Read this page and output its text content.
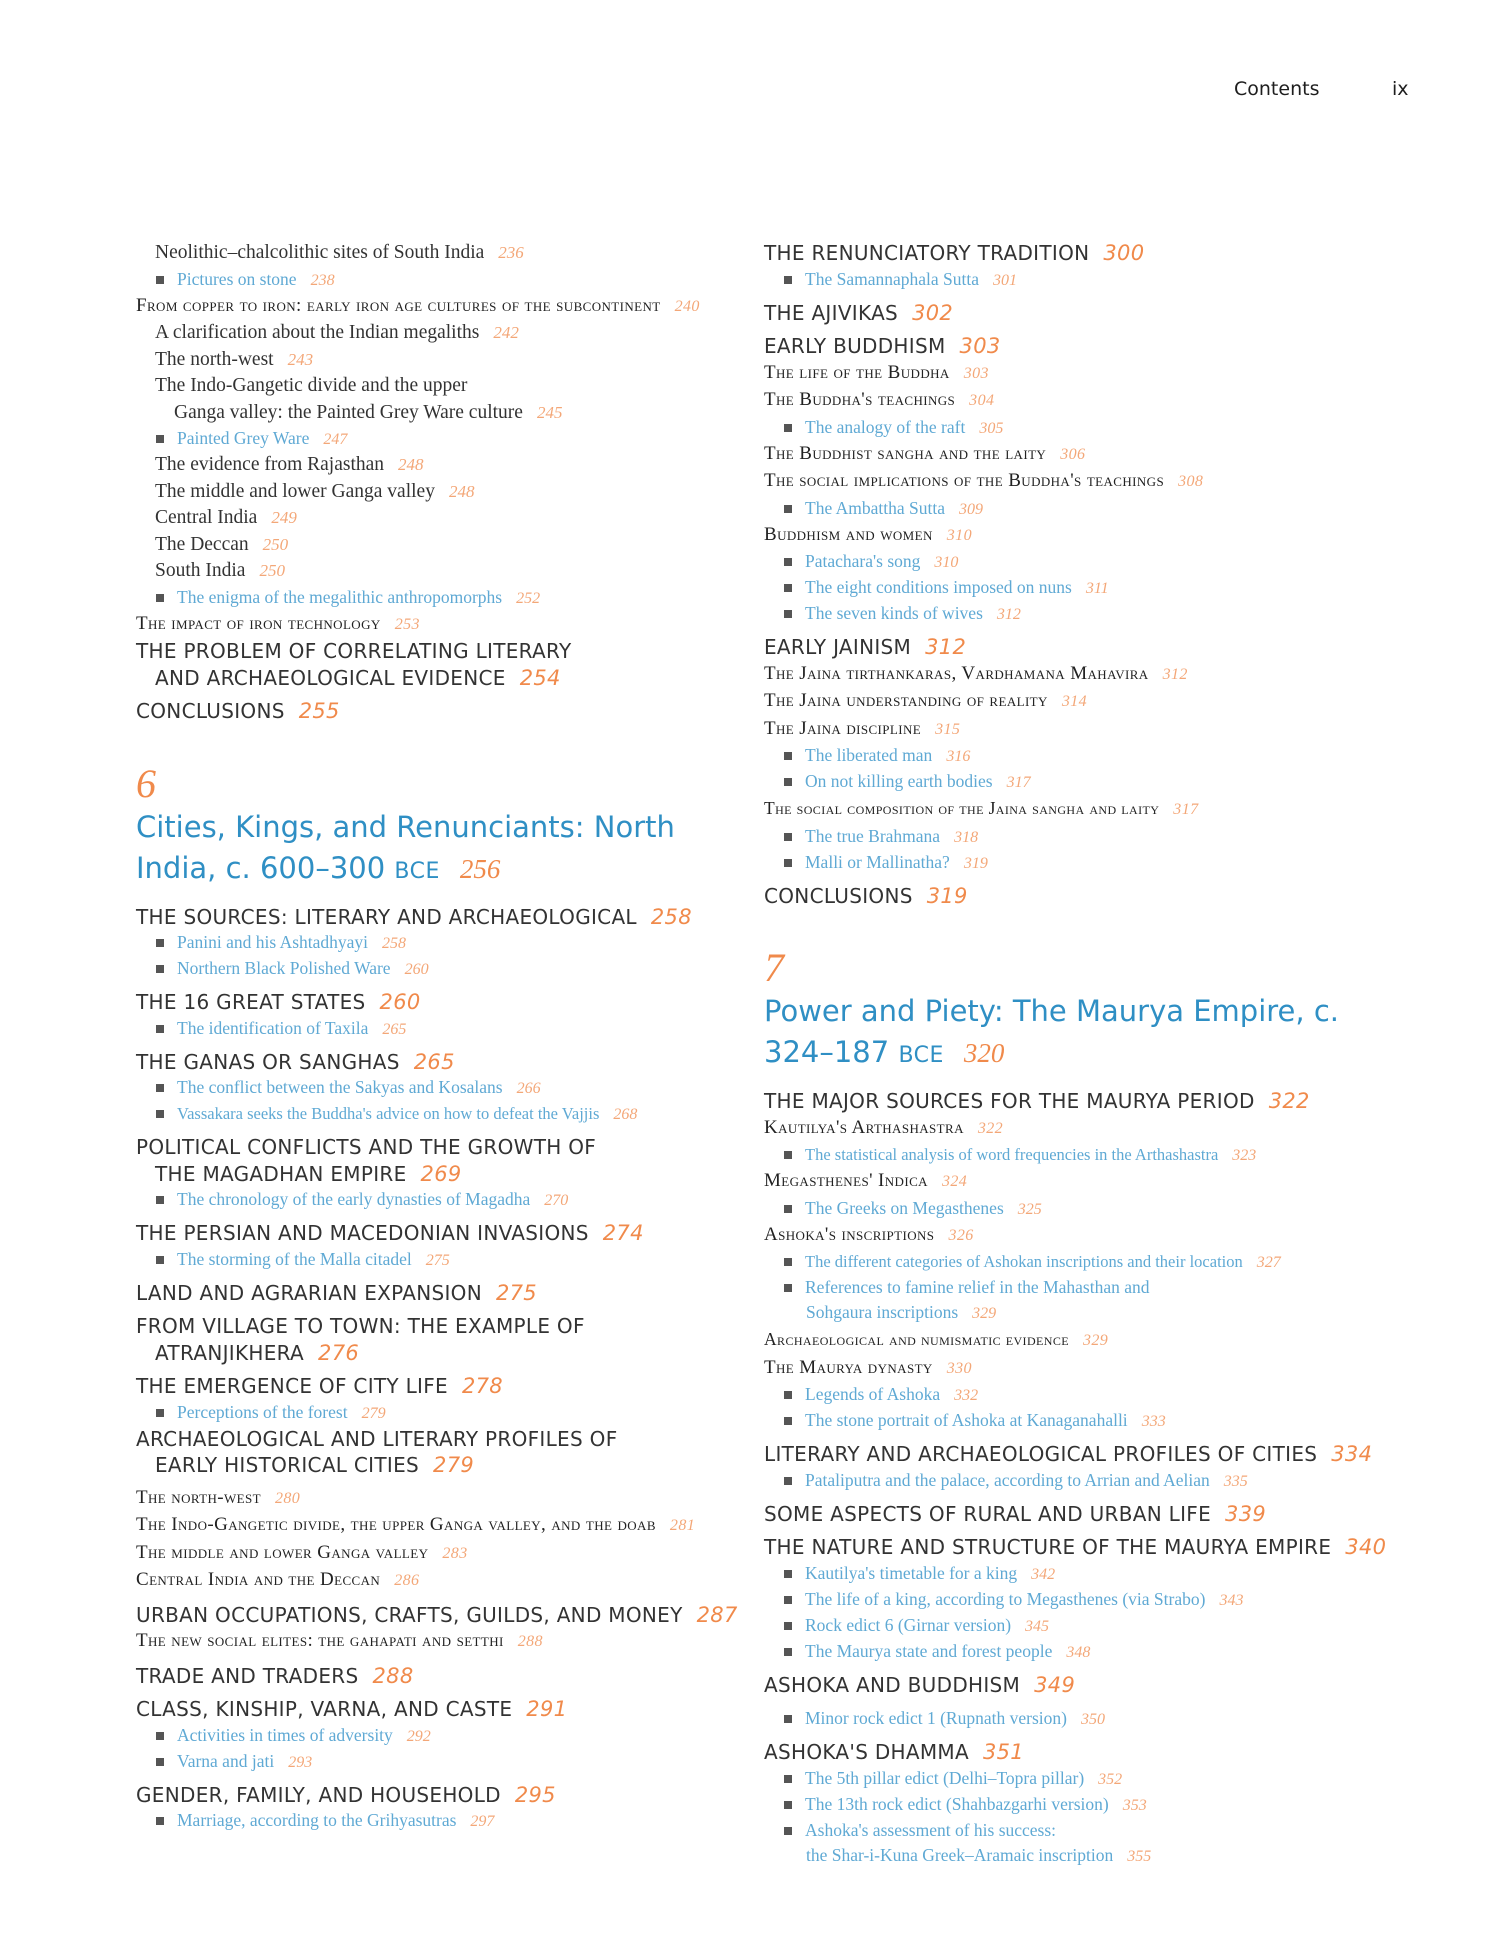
Contents	ix
Neolithic–chalcolithic sites of South India 236
Pictures on stone 238
From copper to iron: early iron age cultures of the subcontinent 240
A clarification about the Indian megaliths 242
The north-west 243
The Indo-Gangetic divide and the upper
Ganga valley: the Painted Grey Ware culture 245
Painted Grey Ware 247
The evidence from Rajasthan 248
The middle and lower Ganga valley 248
Central India 249
The Deccan 250
South India 250
The enigma of the megalithic anthropomorphs 252
The impact of iron technology 253
THE PROBLEM OF CORRELATING LITERARY
AND ARCHAEOLOGICAL EVIDENCE 254
CONCLUSIONS 255
6
Cities, Kings, and Renunciants: North India, c. 600–300 BCE 256
THE SOURCES: LITERARY AND ARCHAEOLOGICAL 258
Panini and his Ashtadhyayi 258
Northern Black Polished Ware 260
THE 16 GREAT STATES 260
The identification of Taxila 265
THE GANAS OR SANGHAS 265
The conflict between the Sakyas and Kosalans 266
Vassakara seeks the Buddha's advice on how to defeat the Vajjis 268
POLITICAL CONFLICTS AND THE GROWTH OF
THE MAGADHAN EMPIRE 269
The chronology of the early dynasties of Magadha 270
THE PERSIAN AND MACEDONIAN INVASIONS 274
The storming of the Malla citadel 275
LAND AND AGRARIAN EXPANSION 275
FROM VILLAGE TO TOWN: THE EXAMPLE OF
ATRANJIKHERA 276
THE EMERGENCE OF CITY LIFE 278
Perceptions of the forest 279
ARCHAEOLOGICAL AND LITERARY PROFILES OF
EARLY HISTORICAL CITIES 279
The north-west 280
The Indo-Gangetic divide, the upper Ganga valley, and the doab 281
The middle and lower Ganga valley 283
Central India and the Deccan 286
URBAN OCCUPATIONS, CRAFTS, GUILDS, AND MONEY 287
The new social elites: the gahapati and setthi 288
TRADE AND TRADERS 288
CLASS, KINSHIP, VARNA, AND CASTE 291
Activities in times of adversity 292
Varna and jati 293
GENDER, FAMILY, AND HOUSEHOLD 295
Marriage, according to the Grihyasutras 297
THE RENUNCIATORY TRADITION 300
The Samannaphala Sutta 301
THE AJIVIKAS 302
EARLY BUDDHISM 303
The life of the Buddha 303
The Buddha's teachings 304
The analogy of the raft 305
The Buddhist sangha and the laity 306
The social implications of the Buddha's teachings 308
The Ambattha Sutta 309
Buddhism and women 310
Patachara's song 310
The eight conditions imposed on nuns 311
The seven kinds of wives 312
EARLY JAINISM 312
The Jaina tirthankaras, Vardhamana Mahavira 312
The Jaina understanding of reality 314
The Jaina discipline 315
The liberated man 316
On not killing earth bodies 317
The social composition of the Jaina sangha and laity 317
The true Brahmana 318
Malli or Mallinatha? 319
CONCLUSIONS 319
7
Power and Piety: The Maurya Empire, c. 324–187 BCE 320
THE MAJOR SOURCES FOR THE MAURYA PERIOD 322
Kautilya's Arthashastra 322
The statistical analysis of word frequencies in the Arthashastra 323
Megasthenes' Indica 324
The Greeks on Megasthenes 325
Ashoka's inscriptions 326
The different categories of Ashokan inscriptions and their location 327
References to famine relief in the Mahasthan and
Sohgaura inscriptions 329
Archaeological and numismatic evidence 329
The Maurya dynasty 330
Legends of Ashoka 332
The stone portrait of Ashoka at Kanaganahalli 333
LITERARY AND ARCHAEOLOGICAL PROFILES OF CITIES 334
Pataliputra and the palace, according to Arrian and Aelian 335
SOME ASPECTS OF RURAL AND URBAN LIFE 339
THE NATURE AND STRUCTURE OF THE MAURYA EMPIRE 340
Kautilya's timetable for a king 342
The life of a king, according to Megasthenes (via Strabo) 343
Rock edict 6 (Girnar version) 345
The Maurya state and forest people 348
ASHOKA AND BUDDHISM 349
Minor rock edict 1 (Rupnath version) 350
ASHOKA'S DHAMMA 351
The 5th pillar edict (Delhi–Topra pillar) 352
The 13th rock edict (Shahbazgarhi version) 353
Ashoka's assessment of his success:
the Shar-i-Kuna Greek–Aramaic inscription 355
